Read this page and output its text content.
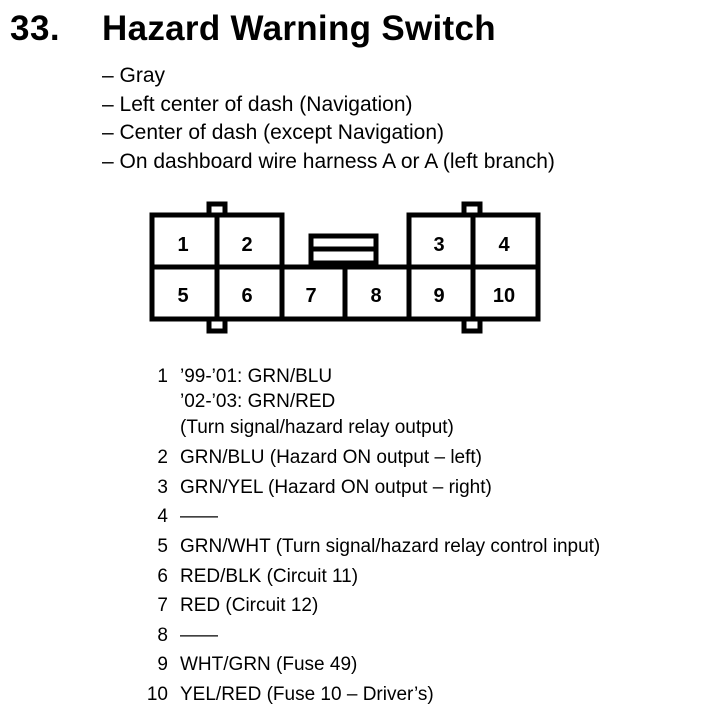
33. Hazard Warning Switch
– Gray
– Left center of dash (Navigation)
– Center of dash (except Navigation)
– On dashboard wire harness A or A (left branch)
1	2	3	4
5	6	7	8	9 10
1 ’99-’01: GRN/BLU
’02-’03: GRN/RED
(Turn signal/hazard relay output)
2 GRN/BLU (Hazard ON output – left)
3 GRN/YEL (Hazard ON output – right)
4 ——
5 GRN/WHT (Turn signal/hazard relay control input)
6 RED/BLK (Circuit 11)
7 RED (Circuit 12)
8 ——
9 WHT/GRN (Fuse 49)
10 YEL/RED (Fuse 10 – Driver’s)
